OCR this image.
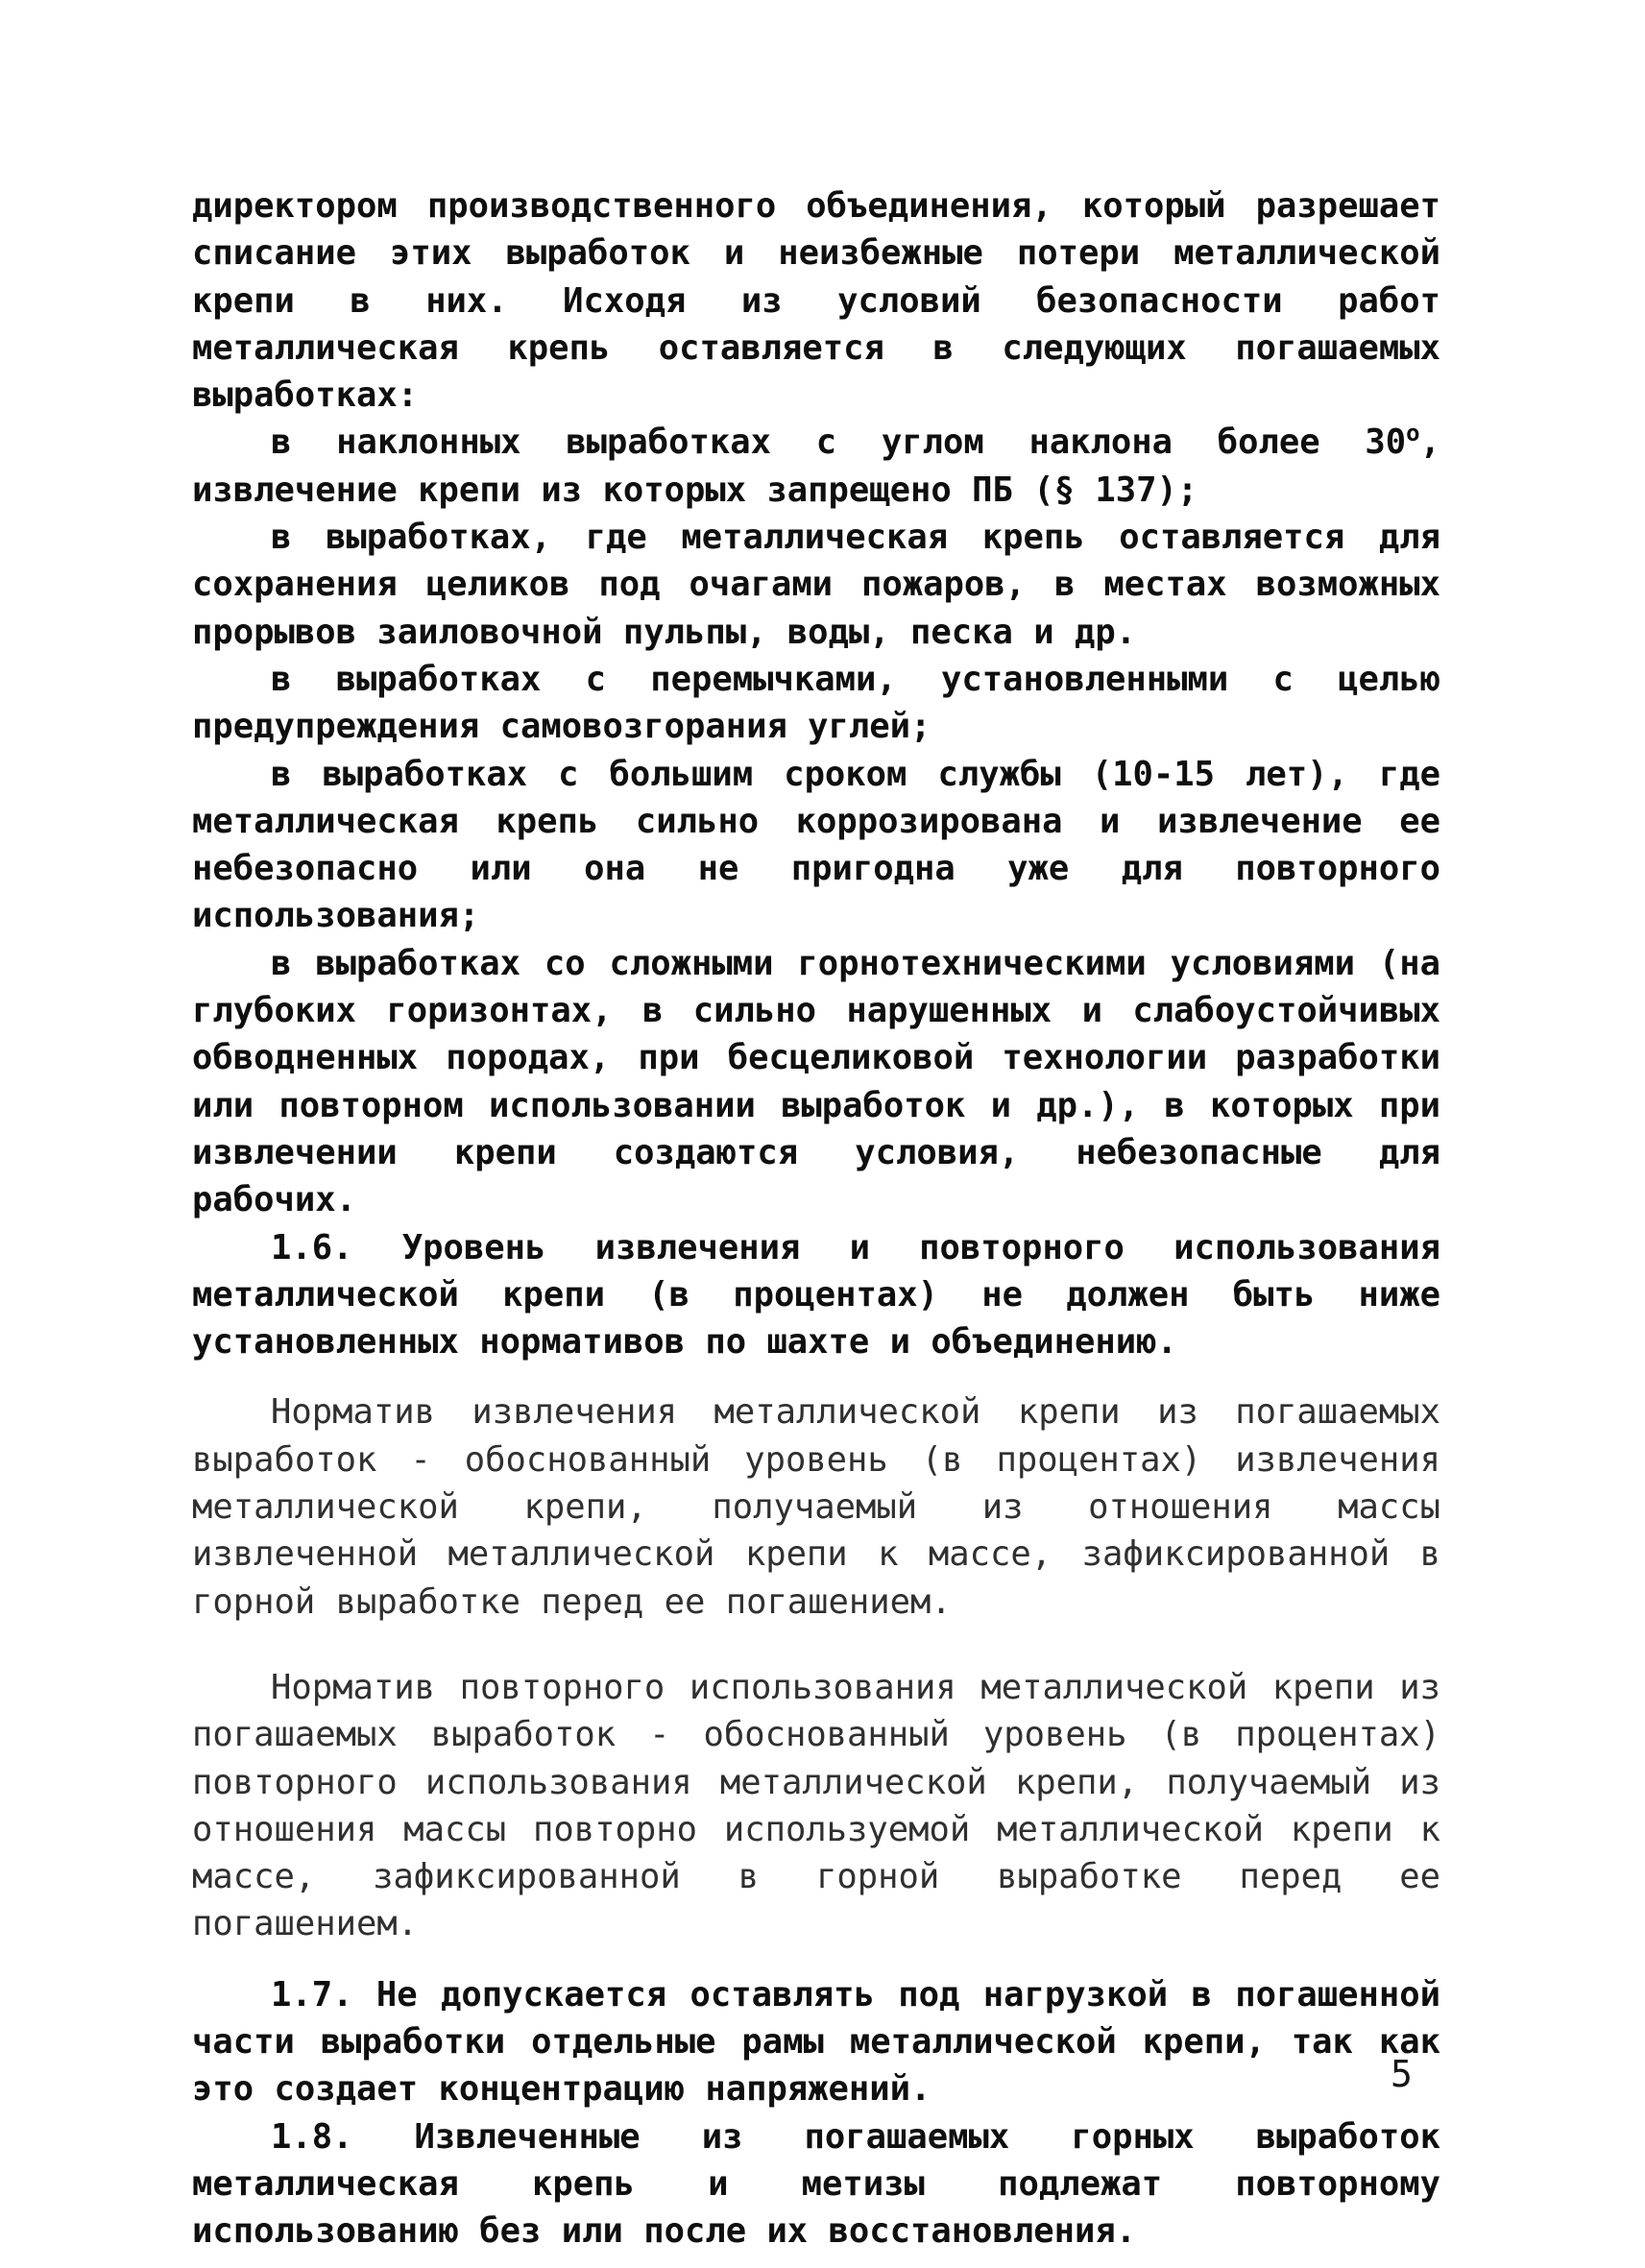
директором производственного объединения, который разрешает списание этих выработок и неизбежные потери металлической крепи в них. Исходя из условий безопасности работ металлическая крепь оставляется в следующих погашаемых выработках:

в наклонных выработках с углом наклона более $30^о$, извлечение крепи из которых запрещено ПБ (§ 137);

в выработках, где металлическая крепь оставляется для сохранения целиков под очагами пожаров, в местах возможных прорывов заиловочной пульпы, воды, песка и др.

в выработках с перемычками, установленными с целью предупреждения самовозгорания углей;

в выработках с большим сроком службы (10-15 лет), где металлическая крепь сильно коррозирована и извлечение ее небезопасно или она не пригодна уже для повторного использования;

в выработках со сложными горнотехническими условиями (на глубоких горизонтах, в сильно нарушенных и слабоустойчивых обводненных породах, при бесцеликовой технологии разработки или повторном использовании выработок и др.), в которых при извлечении крепи создаются условия, небезопасные для рабочих.

1.6. Уровень извлечения и повторного использования металлической крепи (в процентах) не должен быть ниже установленных нормативов по шахте и объединению.

Норматив извлечения металлической крепи из погашаемых выработок - обоснованный уровень (в процентах) извлечения металлической крепи, получаемый из отношения массы извлеченной металлической крепи к массе, зафиксированной в горной выработке перед ее погашением.

Норматив повторного использования металлической крепи из погашаемых выработок - обоснованный уровень (в процентах) повторного использования металлической крепи, получаемый из отношения массы повторно используемой металлической крепи к массе, зафиксированной в горной выработке перед ее погашением.

1.7. Не допускается оставлять под нагрузкой в погашенной части выработки отдельные рамы металлической крепи, так как это создает концентрацию напряжений.

1.8. Извлеченные из погашаемых горных выработок металлическая крепь и метизы подлежат повторному использованию без или после их восстановления.

5
